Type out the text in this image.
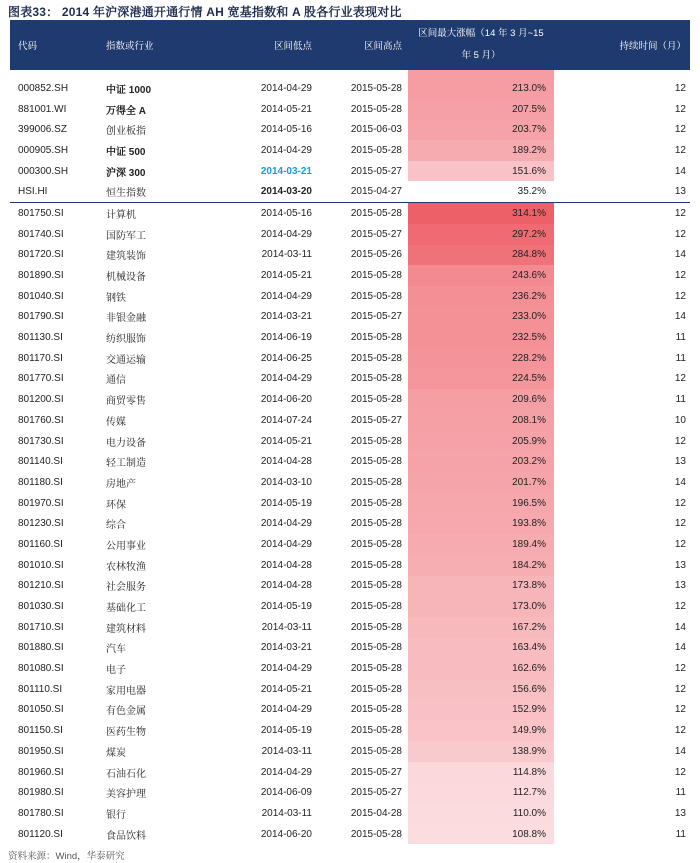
图表33： 2014 年沪深港通开通行情 AH 宽基指数和 A 股各行业表现对比
代码	指数或行业	区间低点	区间高点	区间最大涨幅（14 年 3 月~15
年 5 月）	持续时间（月）
000852.SH	中证 1000	2014-04-29	2015-05-28	213.0%	12
881001.WI	万得全 A	2014-05-21	2015-05-28	207.5%	12
399006.SZ	创业板指	2014-05-16	2015-06-03	203.7%	12
000905.SH	中证 500	2014-04-29	2015-05-28	189.2%	12
000300.SH	沪深 300	2014-03-21	2015-05-27	151.6%	14
HSI.HI	恒生指数	2014-03-20	2015-04-27	35.2%	13
801750.SI	计算机	2014-05-16	2015-05-28	314.1%	12
801740.SI	国防军工	2014-04-29	2015-05-27	297.2%	12
801720.SI	建筑装饰	2014-03-11	2015-05-26	284.8%	14
801890.SI	机械设备	2014-05-21	2015-05-28	243.6%	12
801040.SI	钢铁	2014-04-29	2015-05-28	236.2%	12
801790.SI	非银金融	2014-03-21	2015-05-27	233.0%	14
801130.SI	纺织服饰	2014-06-19	2015-05-28	232.5%	11
801170.SI	交通运输	2014-06-25	2015-05-28	228.2%	11
801770.SI	通信	2014-04-29	2015-05-28	224.5%	12
801200.SI	商贸零售	2014-06-20	2015-05-28	209.6%	11
801760.SI	传媒	2014-07-24	2015-05-27	208.1%	10
801730.SI	电力设备	2014-05-21	2015-05-28	205.9%	12
801140.SI	轻工制造	2014-04-28	2015-05-28	203.2%	13
801180.SI	房地产	2014-03-10	2015-05-28	201.7%	14
801970.SI	环保	2014-05-19	2015-05-28	196.5%	12
801230.SI	综合	2014-04-29	2015-05-28	193.8%	12
801160.SI	公用事业	2014-04-29	2015-05-28	189.4%	12
801010.SI	农林牧渔	2014-04-28	2015-05-28	184.2%	13
801210.SI	社会服务	2014-04-28	2015-05-28	173.8%	13
801030.SI	基础化工	2014-05-19	2015-05-28	173.0%	12
801710.SI	建筑材料	2014-03-11	2015-05-28	167.2%	14
801880.SI	汽车	2014-03-21	2015-05-28	163.4%	14
801080.SI	电子	2014-04-29	2015-05-28	162.6%	12
801110.SI	家用电器	2014-05-21	2015-05-28	156.6%	12
801050.SI	有色金属	2014-04-29	2015-05-28	152.9%	12
801150.SI	医药生物	2014-05-19	2015-05-28	149.9%	12
801950.SI	煤炭	2014-03-11	2015-05-28	138.9%	14
801960.SI	石油石化	2014-04-29	2015-05-27	114.8%	12
801980.SI	美容护理	2014-06-09	2015-05-27	112.7%	11
801780.SI	银行	2014-03-11	2015-04-28	110.0%	13
801120.SI	食品饮料	2014-06-20	2015-05-28	108.8%	11
资料来源：Wind，华泰研究
